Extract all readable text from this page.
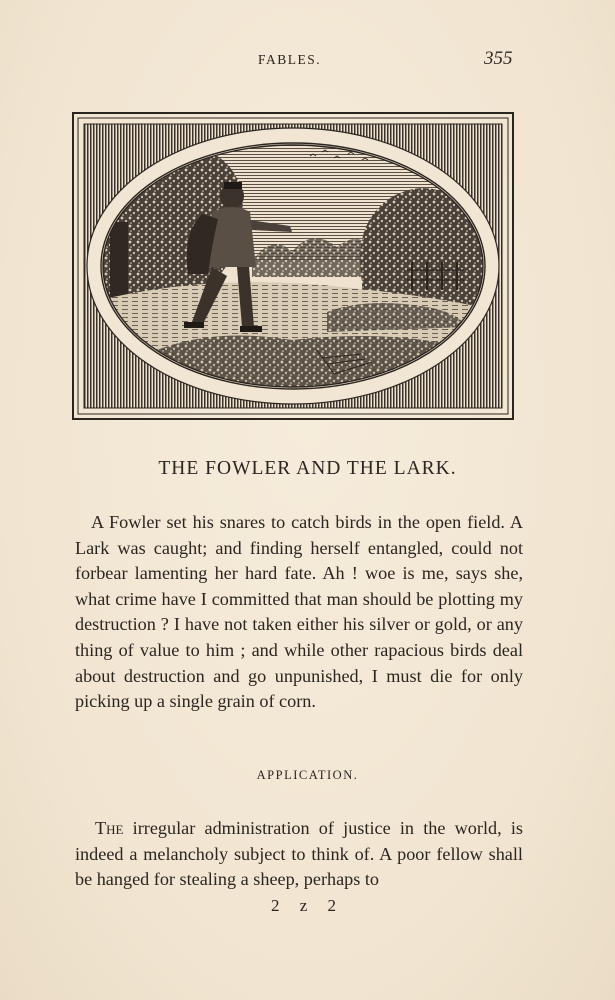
FABLES.	355
THE FOWLER AND THE LARK.

A Fowler set his snares to catch birds in the open field. A Lark was caught; and finding herself entangled, could not forbear lamenting her hard fate. Ah ! woe is me, says she, what crime have I committed that man should be plotting my destruction ? I have not taken either his silver or gold, or any thing of value to him ; and while other rapacious birds deal about destruction and go unpunished, I must die for only picking up a single grain of corn.

APPLICATION.

The irregular administration of justice in the world, is indeed a melancholy subject to think of. A poor fellow shall be hanged for stealing a sheep, perhaps to

2 z 2
